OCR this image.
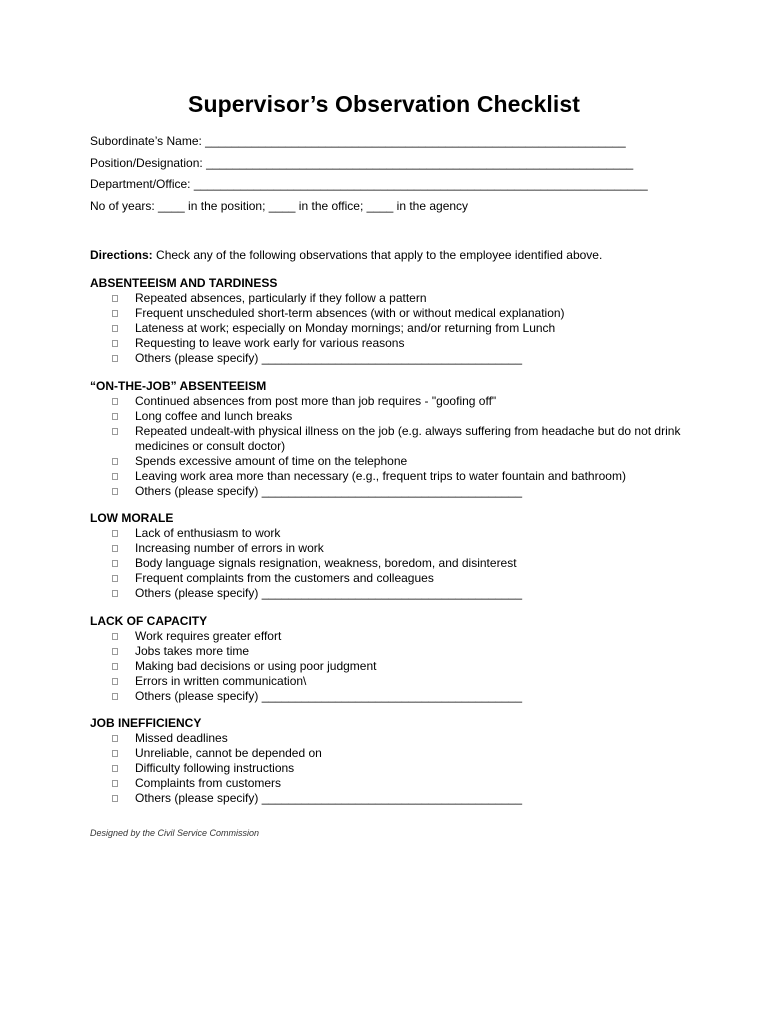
Supervisor’s Observation Checklist
Subordinate’s Name: _______________________________________________________________
Position/Designation: ________________________________________________________________
Department/Office: ____________________________________________________________________
No of years: ____ in the position; ____ in the office; ____ in the agency
Directions: Check any of the following observations that apply to the employee identified above.
ABSENTEEISM AND TARDINESS
Repeated absences, particularly if they follow a pattern
Frequent unscheduled short-term absences (with or without medical explanation)
Lateness at work; especially on Monday mornings; and/or returning from Lunch
Requesting to leave work early for various reasons
Others (please specify) _______________________________________
“ON-THE-JOB” ABSENTEEISM
Continued absences from post more than job requires - "goofing off"
Long coffee and lunch breaks
Repeated undealt-with physical illness on the job (e.g. always suffering from headache but do not drink medicines or consult doctor)
Spends excessive amount of time on the telephone
Leaving work area more than necessary (e.g., frequent trips to water fountain and bathroom)
Others (please specify) _______________________________________
LOW MORALE
Lack of enthusiasm to work
Increasing number of errors in work
Body language signals resignation, weakness, boredom, and disinterest
Frequent complaints from the customers and colleagues
Others (please specify) _______________________________________
LACK OF CAPACITY
Work requires greater effort
Jobs takes more time
Making bad decisions or using poor judgment
Errors in written communication\
Others (please specify) _______________________________________
JOB INEFFICIENCY
Missed deadlines
Unreliable, cannot be depended on
Difficulty following instructions
Complaints from customers
Others (please specify) _______________________________________
Designed by the Civil Service Commission
